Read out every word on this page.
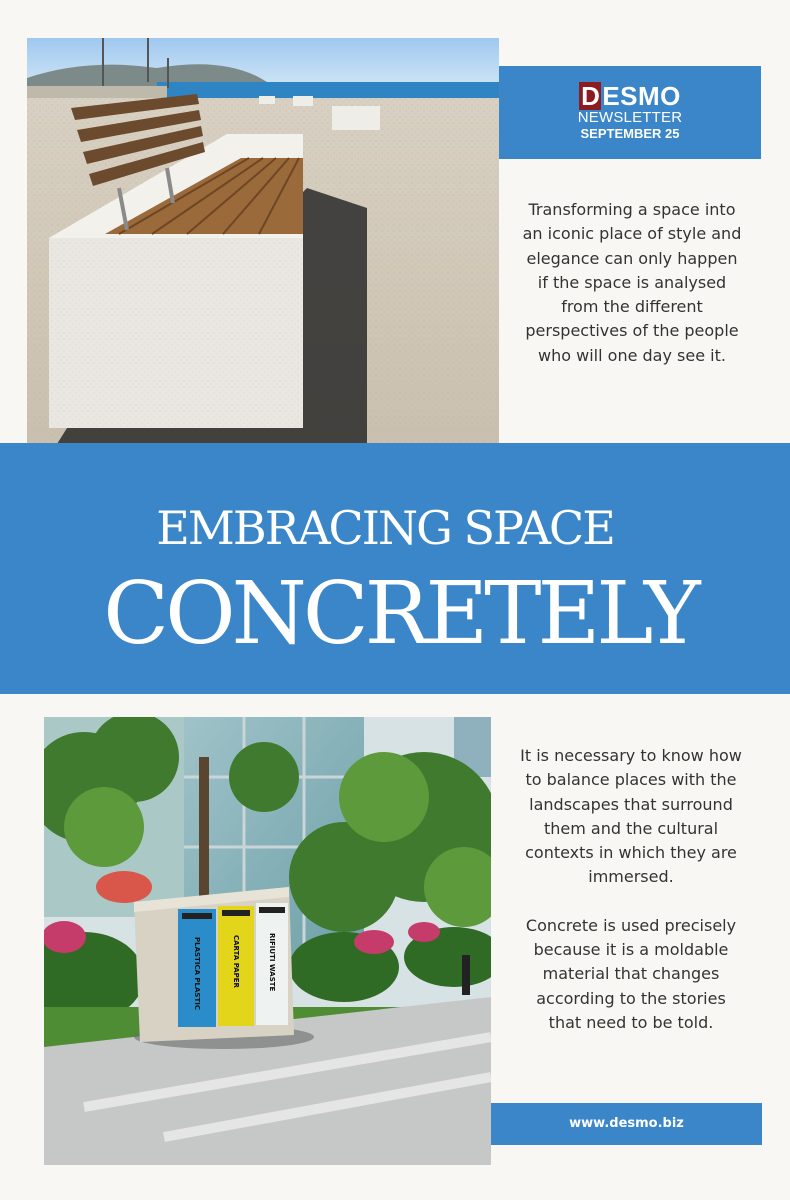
DESMO
NEWSLETTER
SEPTEMBER 25
Transforming a space into an iconic place of style and elegance can only happen if the space is analysed from the different perspectives of the people who will one day see it.
EMBRACING SPACE
CONCRETELY
PLASTICA PLASTIC	CARTA PAPER	RIFIUTI WASTE

It is necessary to know how to balance places with the landscapes that surround them and the cultural contexts in which they are immersed.

Concrete is used precisely because it is a moldable material that changes according to the stories that need to be told.

www.desmo.biz
